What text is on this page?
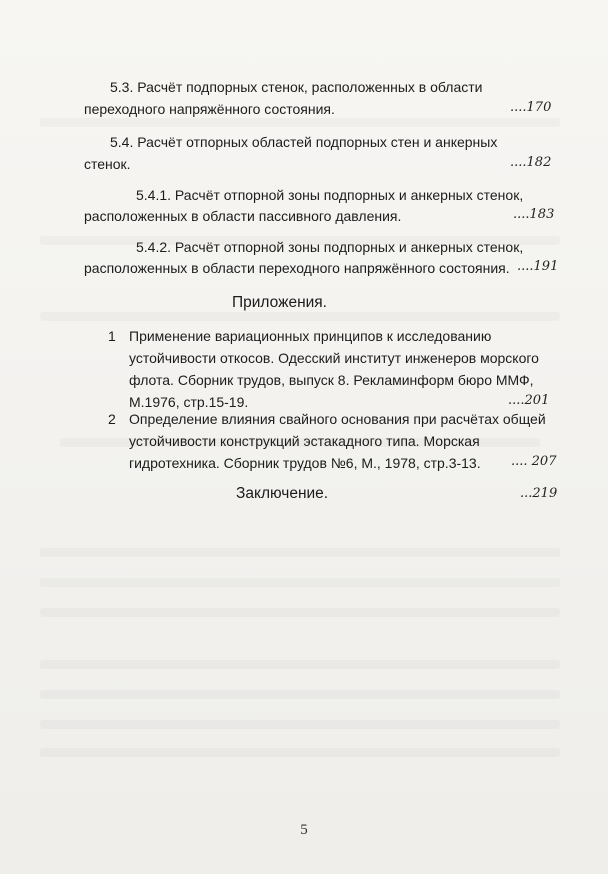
5.3. Расчёт подпорных стенок, расположенных в области
переходного напряжённого состояния.	....170
5.4. Расчёт отпорных областей подпорных стен и анкерных
стенок.	....182
5.4.1. Расчёт отпорной зоны подпорных и анкерных стенок,
расположенных в области пассивного давления.	....183
5.4.2. Расчёт отпорной зоны подпорных и анкерных стенок,
расположенных в области переходного напряжённого состояния. ....191
Приложения.
1 Применение вариационных принципов к исследованию
устойчивости откосов. Одесский институт инженеров морского
флота. Сборник трудов, выпуск 8. Рекламинформ бюро ММФ,
М.1976, стр.15-19.	....201
2 Определение влияния свайного основания при расчётах общей
устойчивости конструкций эстакадного типа. Морская
гидротехника. Сборник трудов №6, М., 1978, стр.3-13. .... 207
Заключение.	...219
5
